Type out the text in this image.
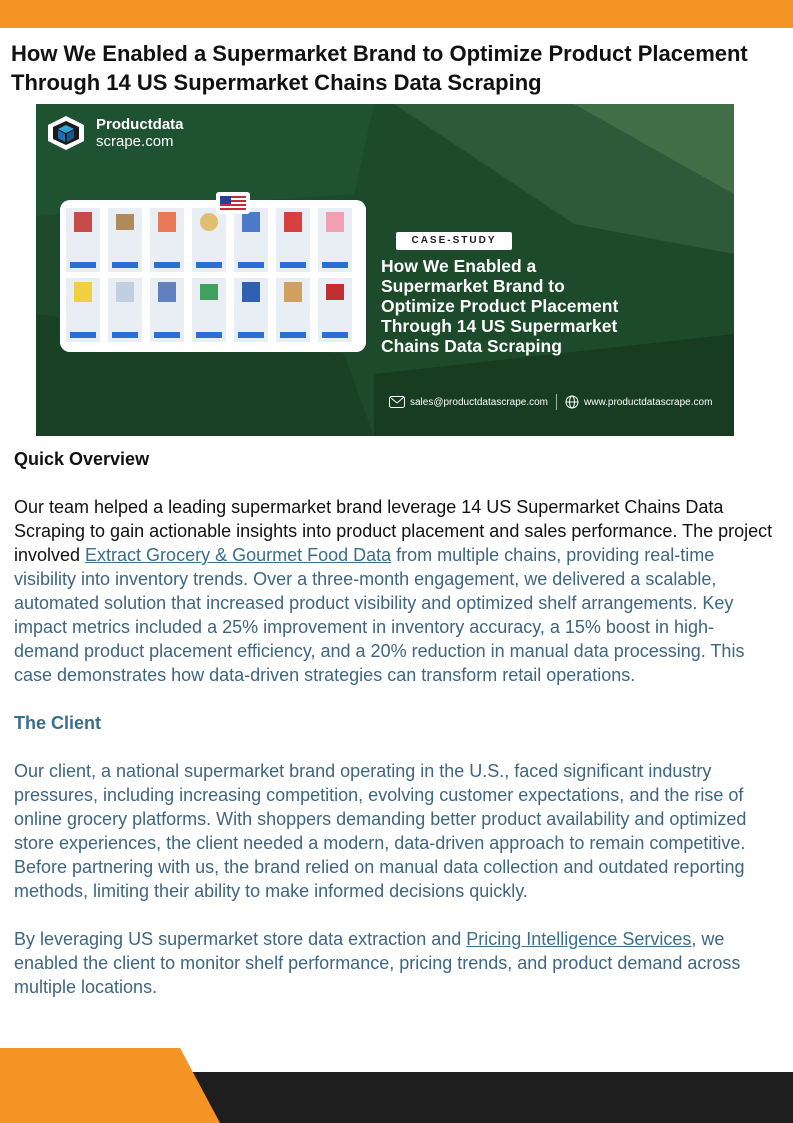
How We Enabled a Supermarket Brand to Optimize Product Placement Through 14 US Supermarket Chains Data Scraping
Productdata
scrape.com
CASE-STUDY
How We Enabled a Supermarket Brand to Optimize Product Placement Through 14 US Supermarket Chains Data Scraping
sales@productdatascrape.com	www.productdatascrape.com
Quick Overview

Our team helped a leading supermarket brand leverage 14 US Supermarket Chains Data Scraping to gain actionable insights into product placement and sales performance. The project involved Extract Grocery & Gourmet Food Data from multiple chains, providing real-time visibility into inventory trends. Over a three-month engagement, we delivered a scalable, automated solution that increased product visibility and optimized shelf arrangements. Key impact metrics included a 25% improvement in inventory accuracy, a 15% boost in high-demand product placement efficiency, and a 20% reduction in manual data processing. This case demonstrates how data-driven strategies can transform retail operations.

The Client

Our client, a national supermarket brand operating in the U.S., faced significant industry pressures, including increasing competition, evolving customer expectations, and the rise of online grocery platforms. With shoppers demanding better product availability and optimized store experiences, the client needed a modern, data-driven approach to remain competitive. Before partnering with us, the brand relied on manual data collection and outdated reporting methods, limiting their ability to make informed decisions quickly.

By leveraging US supermarket store data extraction and Pricing Intelligence Services, we enabled the client to monitor shelf performance, pricing trends, and product demand across multiple locations.
